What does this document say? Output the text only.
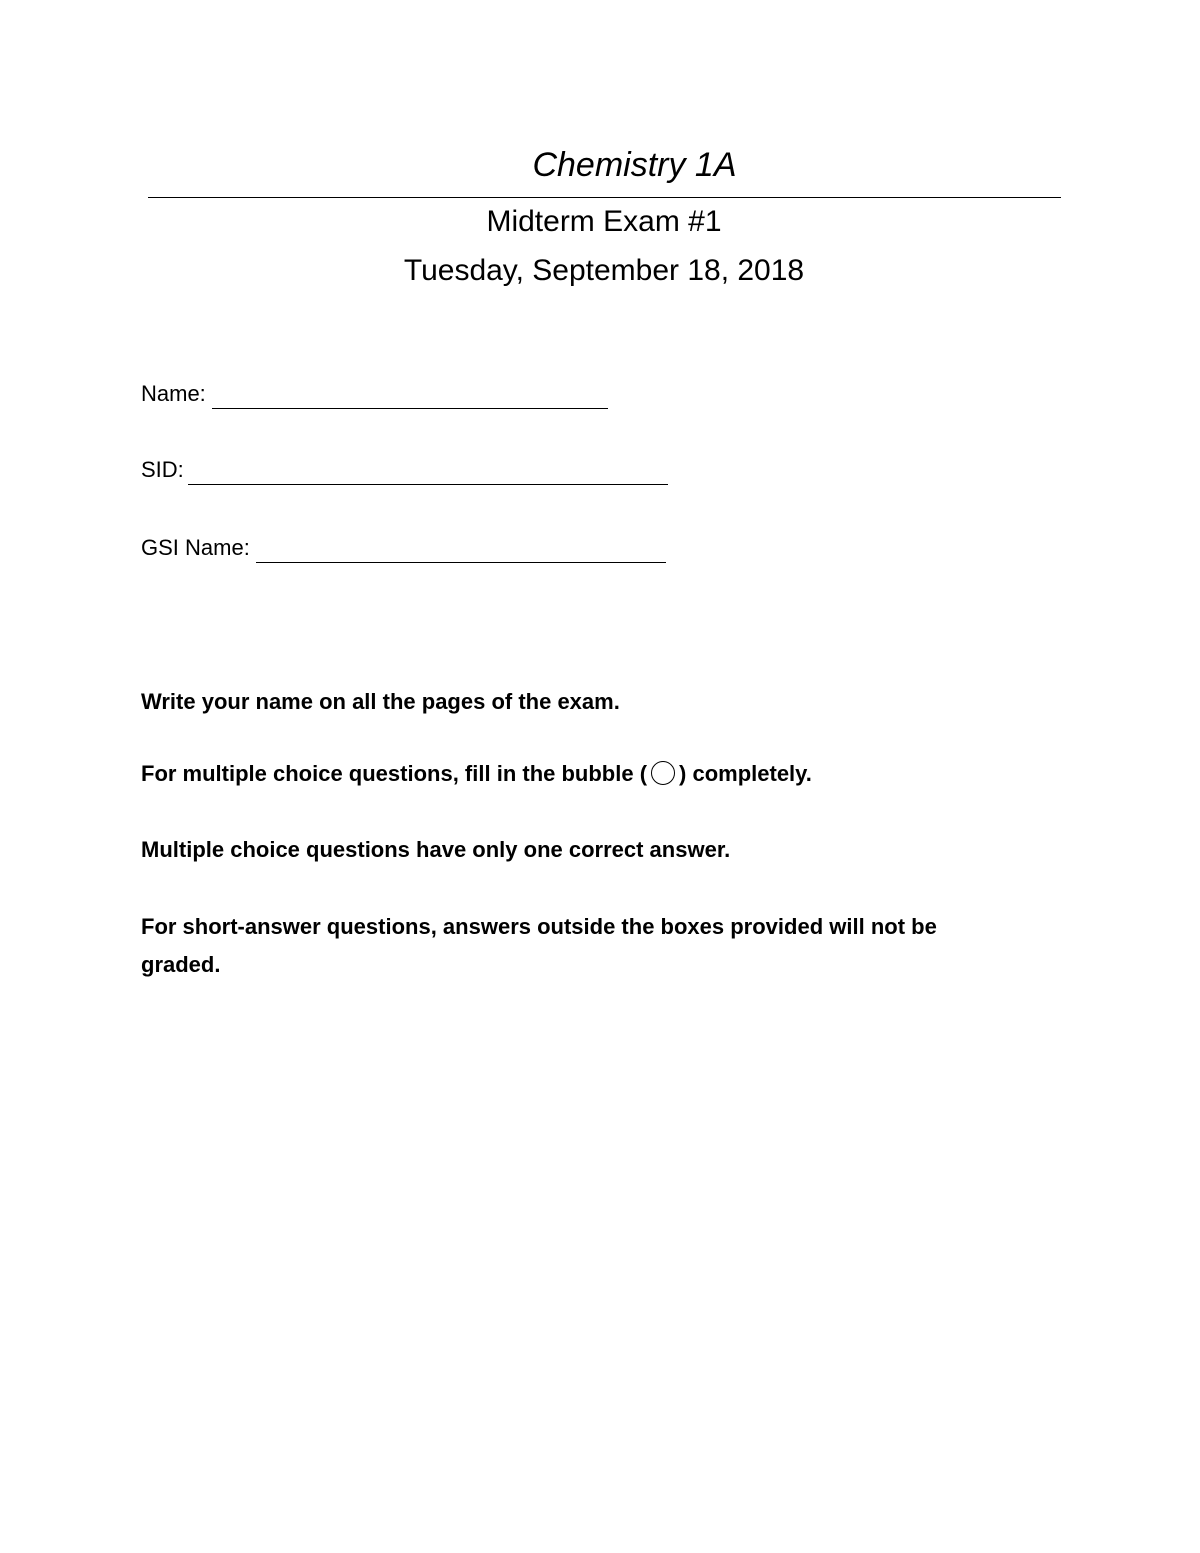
Chemistry 1A
Midterm Exam #1
Tuesday, September 18, 2018
Name:
SID:
GSI Name:
Write your name on all the pages of the exam.
For multiple choice questions, fill in the bubble ( ) completely.
Multiple choice questions have only one correct answer.
For short-answer questions, answers outside the boxes provided will not be graded.
